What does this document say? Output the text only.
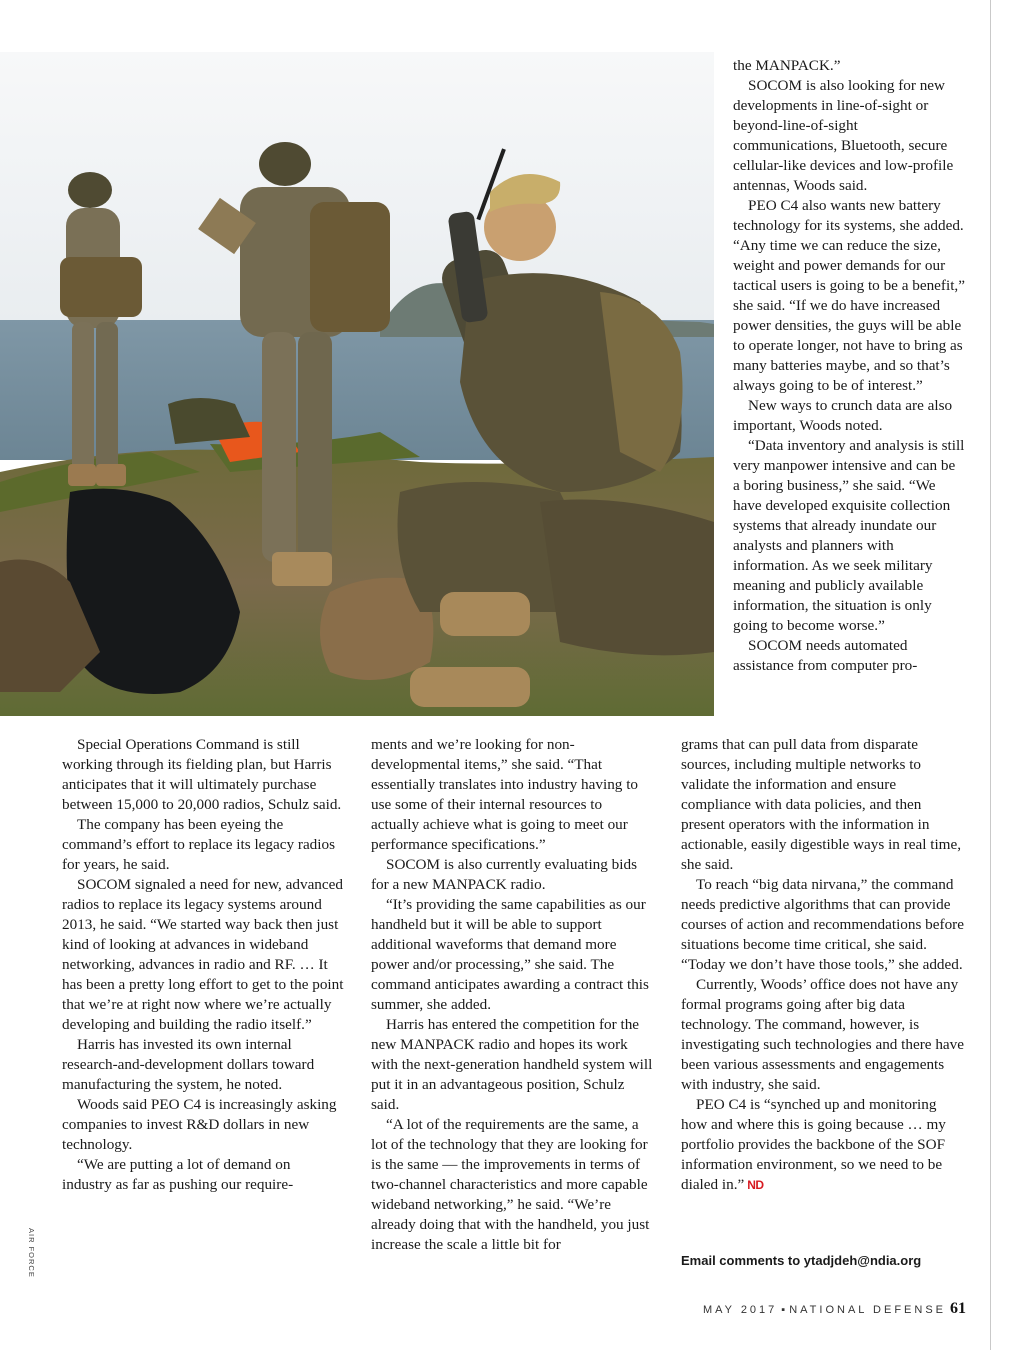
the MANPACK.”

SOCOM is also looking for new developments in line-of-sight or beyond-line-of-sight communications, Bluetooth, secure cellular-like devices and low-profile antennas, Woods said.

PEO C4 also wants new battery technology for its systems, she added. “Any time we can reduce the size, weight and power demands for our tactical users is going to be a benefit,” she said. “If we do have increased power densities, the guys will be able to operate longer, not have to bring as many batteries maybe, and so that’s always going to be of interest.”

New ways to crunch data are also important, Woods noted.

“Data inventory and analysis is still very manpower intensive and can be a boring business,” she said. “We have developed exquisite collection systems that already inundate our analysts and planners with information. As we seek military meaning and publicly available information, the situation is only going to become worse.”

SOCOM needs automated assistance from computer pro-

Special Operations Command is still working through its fielding plan, but Harris anticipates that it will ultimately purchase between 15,000 to 20,000 radios, Schulz said.

The company has been eyeing the command’s effort to replace its legacy radios for years, he said.

SOCOM signaled a need for new, advanced radios to replace its legacy systems around 2013, he said. “We started way back then just kind of looking at advances in wideband networking, advances in radio and RF. … It has been a pretty long effort to get to the point that we’re at right now where we’re actually developing and building the radio itself.”

Harris has invested its own internal research-and-development dollars toward manufacturing the system, he noted.

Woods said PEO C4 is increasingly asking companies to invest R&D dollars in new technology.

“We are putting a lot of demand on industry as far as pushing our require-

ments and we’re looking for non-developmental items,” she said. “That essentially translates into industry having to use some of their internal resources to actually achieve what is going to meet our performance specifications.”

SOCOM is also currently evaluating bids for a new MANPACK radio.

“It’s providing the same capabilities as our handheld but it will be able to support additional waveforms that demand more power and/or processing,” she said. The command anticipates awarding a contract this summer, she added.

Harris has entered the competition for the new MANPACK radio and hopes its work with the next-generation handheld system will put it in an advantageous position, Schulz said.

“A lot of the requirements are the same, a lot of the technology that they are looking for is the same — the improvements in terms of two-channel characteristics and more capable wideband networking,” he said. “We’re already doing that with the handheld, you just increase the scale a little bit for

grams that can pull data from disparate sources, including multiple networks to validate the information and ensure compliance with data policies, and then present operators with the information in actionable, easily digestible ways in real time, she said.

To reach “big data nirvana,” the command needs predictive algorithms that can provide courses of action and recommendations before situations become time critical, she said. “Today we don’t have those tools,” she added.

Currently, Woods’ office does not have any formal programs going after big data technology. The command, however, is investigating such technologies and there have been various assessments and engagements with industry, she said.

PEO C4 is “synched up and monitoring how and where this is going because … my portfolio provides the backbone of the SOF information environment, so we need to be dialed in.” ND

Email comments to ytadjdeh@ndia.org
AIR FORCE
MAY 2017 ▪ NATIONAL DEFENSE 61
